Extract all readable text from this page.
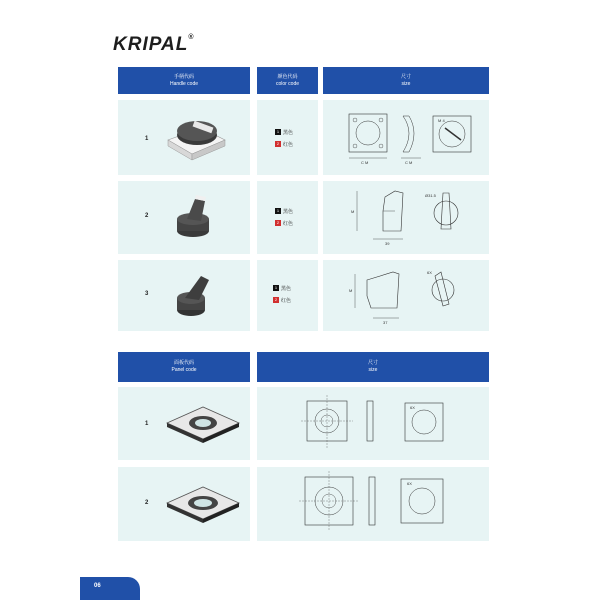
KRIPAL®
手柄代码
Handle code
颜色代码
color code
尺寸
size
1
1 黑色
2 红色
C M	C M
M 4
2
1 黑色
2 红色
M
39
Ø31.5
3
1 黑色
2 红色
M
37
6X
面板代码
Panel code
尺寸
size
1
6X
2
6X
06
